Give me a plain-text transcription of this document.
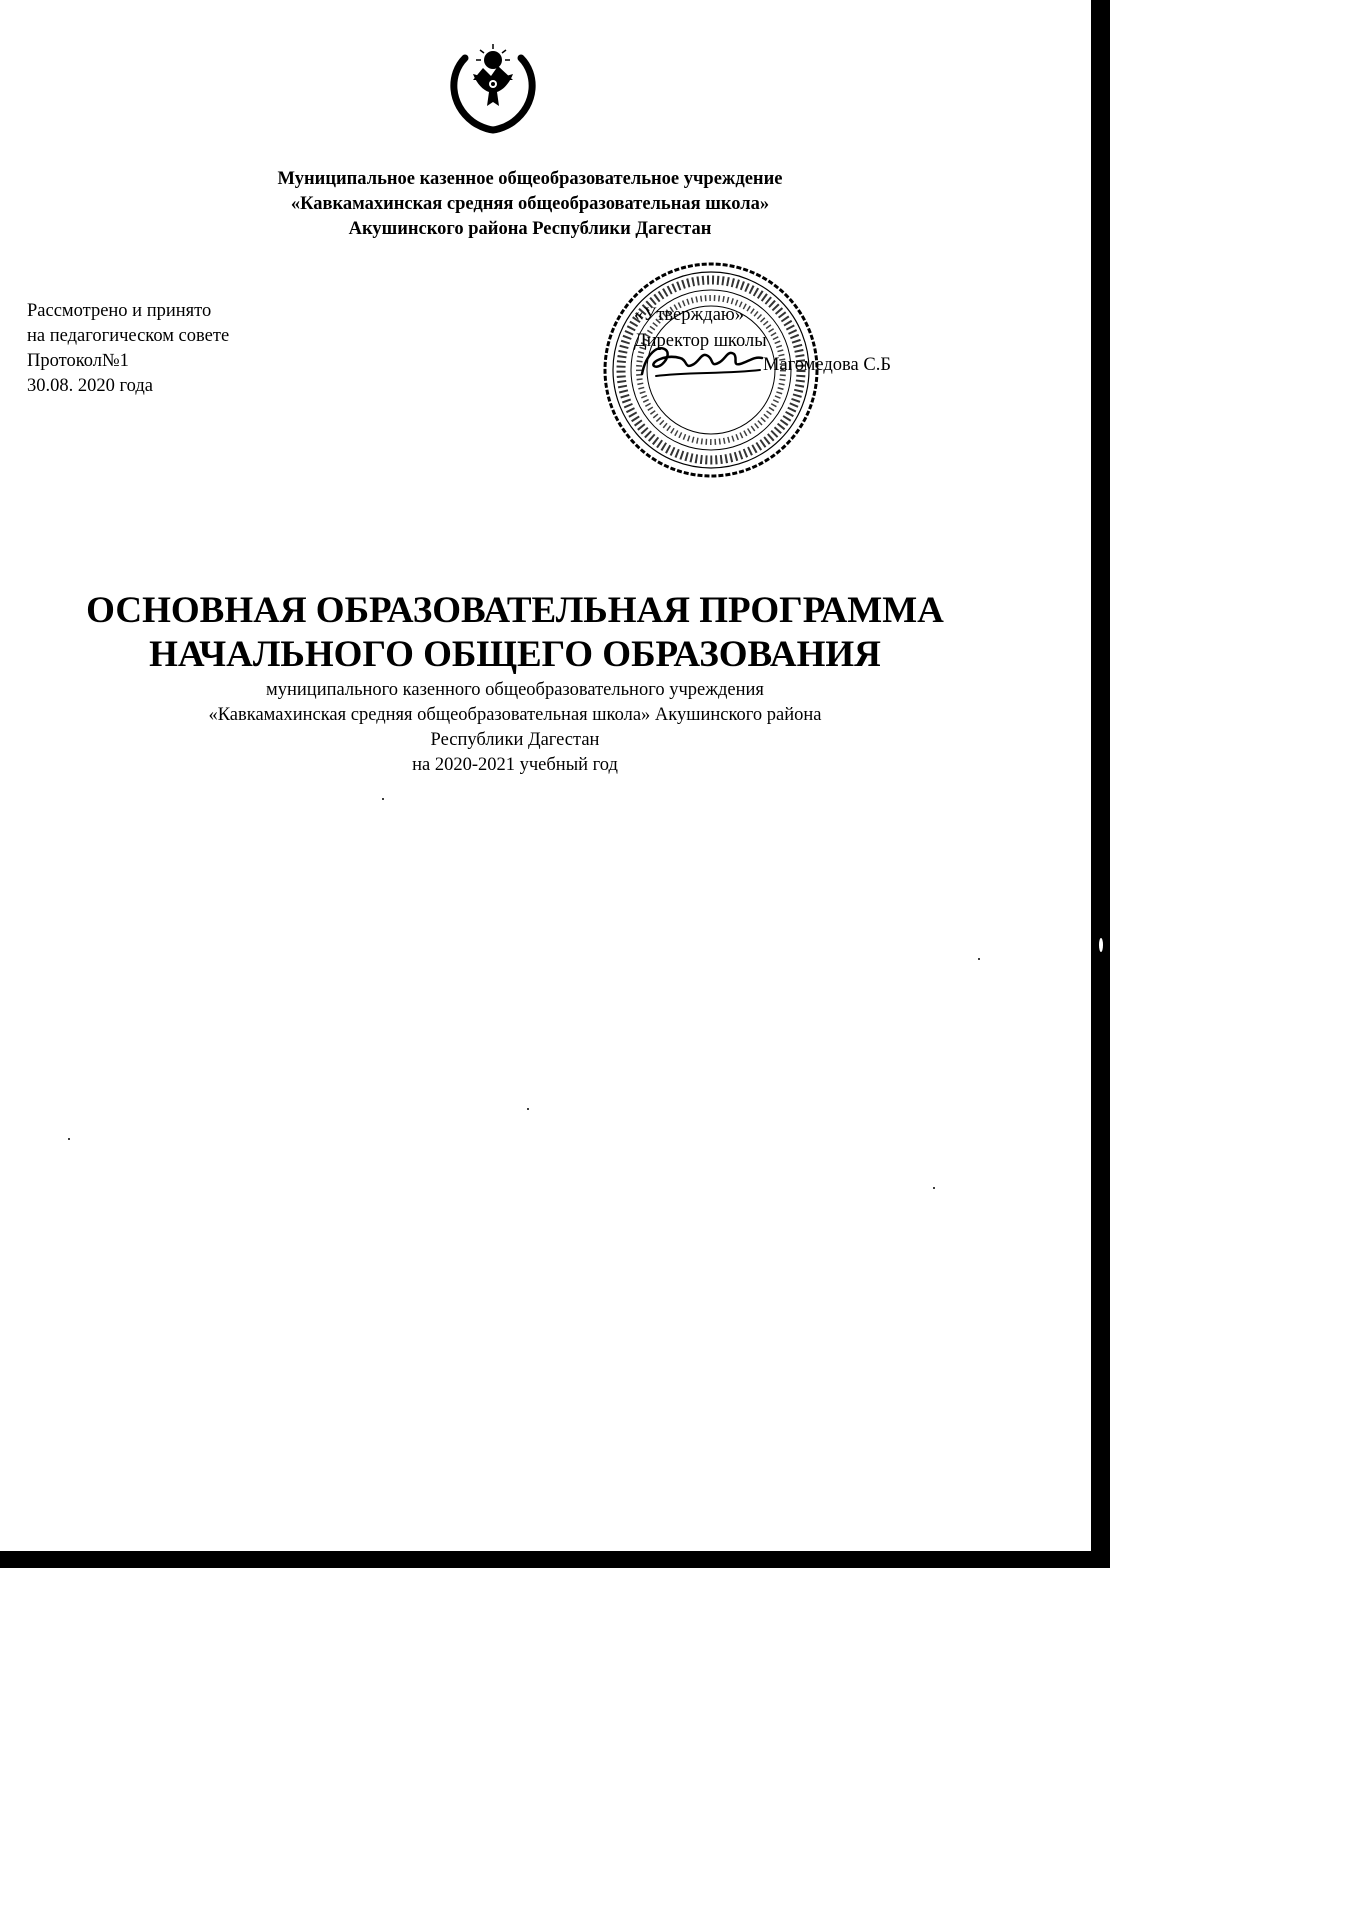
Муниципальное казенное общеобразовательное учреждение
«Кавкамахинская средняя общеобразовательная школа»
Акушинского района Республики Дагестан
Рассмотрено и принято
на педагогическом совете
Протокол№1
30.08. 2020 года
«Утверждаю»
Директор школы
Магомедова С.Б
ОСНОВНАЯ ОБРАЗОВАТЕЛЬНАЯ ПРОГРАММА
НАЧАЛЬНОГО ОБЩЕГО ОБРАЗОВАНИЯ
муниципального казенного общеобразовательного учреждения
«Кавкамахинская средняя общеобразовательная школа» Акушинского района
Республики Дагестан
на 2020-2021 учебный год
